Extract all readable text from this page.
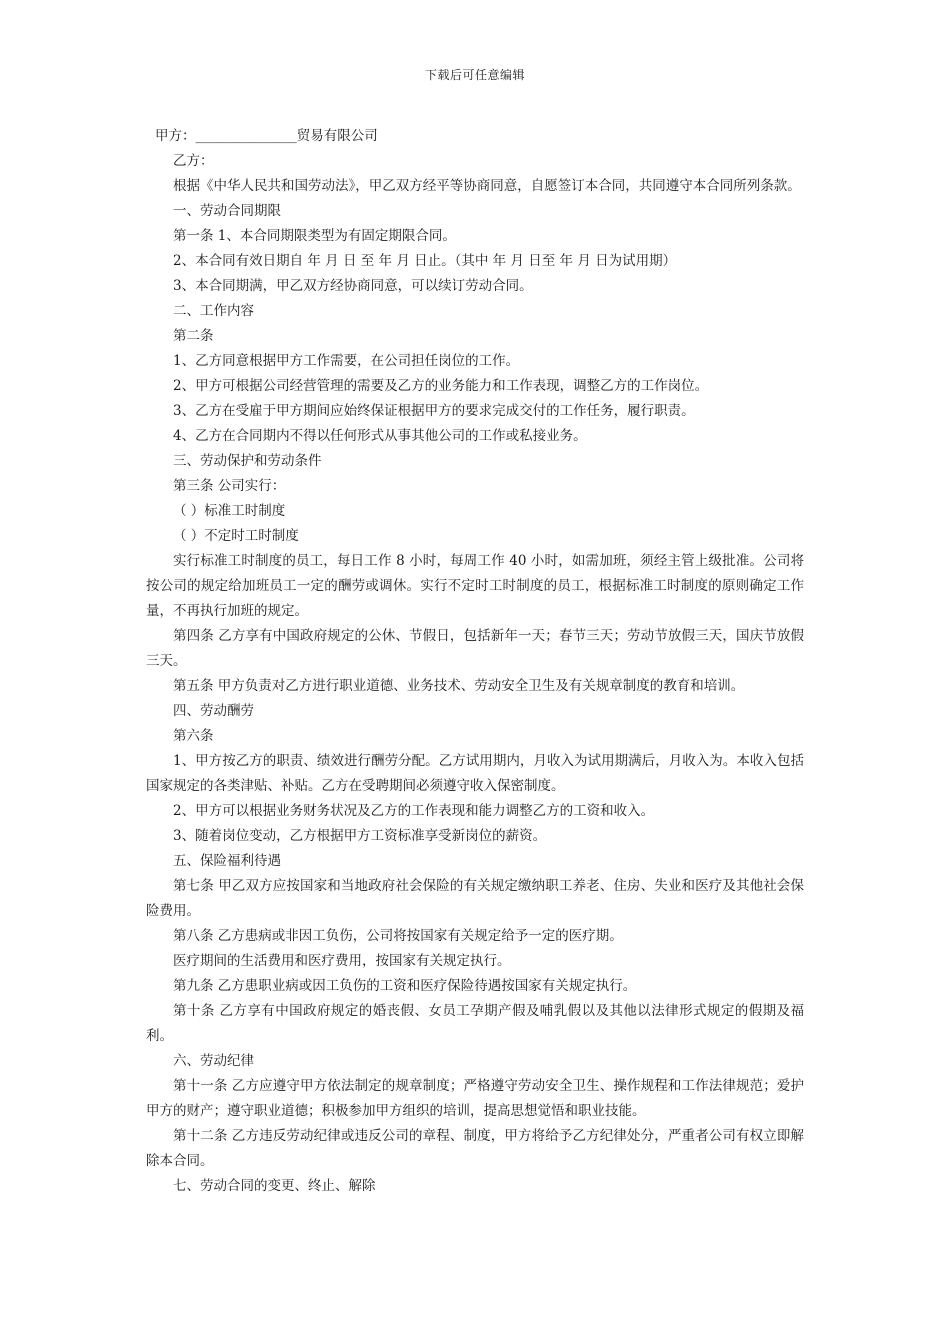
下载后可任意编辑

甲方：_______________贸易有限公司

乙方：

根据《中华人民共和国劳动法》，甲乙双方经平等协商同意，自愿签订本合同，共同遵守本合同所列条款。

一、劳动合同期限

第一条 1、本合同期限类型为有固定期限合同。

2、本合同有效日期自 年 月 日 至 年 月 日止。（其中 年 月 日至 年 月 日为试用期）

3、本合同期满，甲乙双方经协商同意，可以续订劳动合同。

二、工作内容

第二条

1、乙方同意根据甲方工作需要，在公司担任岗位的工作。

2、甲方可根据公司经营管理的需要及乙方的业务能力和工作表现，调整乙方的工作岗位。

3、乙方在受雇于甲方期间应始终保证根据甲方的要求完成交付的工作任务，履行职责。

4、乙方在合同期内不得以任何形式从事其他公司的工作或私接业务。

三、劳动保护和劳动条件

第三条 公司实行：

（ ）标准工时制度

（ ）不定时工时制度

实行标准工时制度的员工，每日工作 8 小时，每周工作 40 小时，如需加班，须经主管上级批准。公司将按公司的规定给加班员工一定的酬劳或调休。实行不定时工时制度的员工，根据标准工时制度的原则确定工作量，不再执行加班的规定。

第四条 乙方享有中国政府规定的公休、节假日，包括新年一天；春节三天；劳动节放假三天，国庆节放假三天。

第五条 甲方负责对乙方进行职业道德、业务技术、劳动安全卫生及有关规章制度的教育和培训。

四、劳动酬劳

第六条

1、甲方按乙方的职责、绩效进行酬劳分配。乙方试用期内，月收入为试用期满后，月收入为。本收入包括国家规定的各类津贴、补贴。乙方在受聘期间必须遵守收入保密制度。

2、甲方可以根据业务财务状况及乙方的工作表现和能力调整乙方的工资和收入。

3、随着岗位变动，乙方根据甲方工资标准享受新岗位的薪资。

五、保险福利待遇

第七条 甲乙双方应按国家和当地政府社会保险的有关规定缴纳职工养老、住房、失业和医疗及其他社会保险费用。

第八条 乙方患病或非因工负伤，公司将按国家有关规定给予一定的医疗期。

医疗期间的生活费用和医疗费用，按国家有关规定执行。

第九条 乙方患职业病或因工负伤的工资和医疗保险待遇按国家有关规定执行。

第十条 乙方享有中国政府规定的婚丧假、女员工孕期产假及哺乳假以及其他以法律形式规定的假期及福利。

六、劳动纪律

第十一条 乙方应遵守甲方依法制定的规章制度；严格遵守劳动安全卫生、操作规程和工作法律规范；爱护甲方的财产；遵守职业道德；积极参加甲方组织的培训，提高思想觉悟和职业技能。

第十二条 乙方违反劳动纪律或违反公司的章程、制度，甲方将给予乙方纪律处分，严重者公司有权立即解除本合同。

七、劳动合同的变更、终止、解除
